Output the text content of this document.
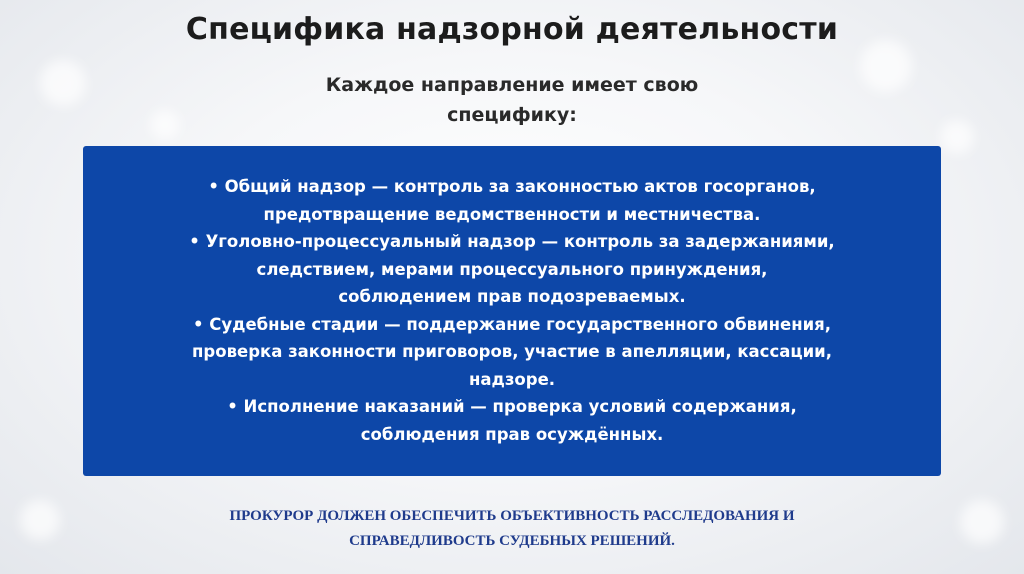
Специфика надзорной деятельности
Каждое направление имеет свою
специфику:
• Общий надзор — контроль за законностью актов госорганов,
предотвращение ведомственности и местничества.
• Уголовно-процессуальный надзор — контроль за задержаниями,
следствием, мерами процессуального принуждения,
соблюдением прав подозреваемых.
• Судебные стадии — поддержание государственного обвинения,
проверка законности приговоров, участие в апелляции, кассации,
надзоре.
• Исполнение наказаний — проверка условий содержания,
соблюдения прав осуждённых.
ПРОКУРОР ДОЛЖЕН ОБЕСПЕЧИТЬ ОБЪЕКТИВНОСТЬ РАССЛЕДОВАНИЯ И
СПРАВЕДЛИВОСТЬ СУДЕБНЫХ РЕШЕНИЙ.
